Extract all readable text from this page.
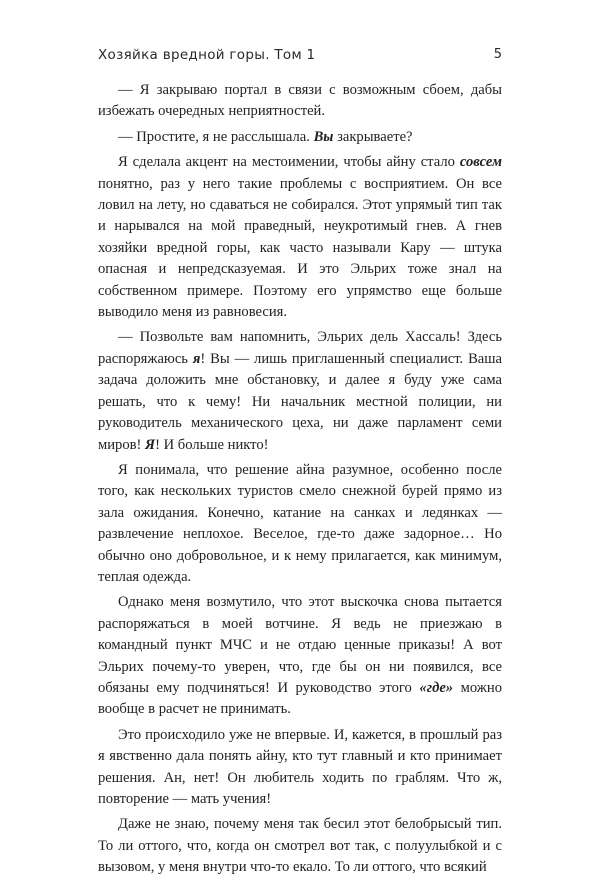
Хозяйка вредной горы. Том 1	5

— Я закрываю портал в связи с возможным сбоем, дабы избежать очередных неприятностей.

— Простите, я не расслышала. Вы закрываете?

Я сделала акцент на местоимении, чтобы айну стало совсем понятно, раз у него такие проблемы с восприятием. Он все ловил на лету, но сдаваться не собирался. Этот упрямый тип так и нарывался на мой праведный, неукротимый гнев. А гнев хозяйки вредной горы, как часто называли Кару — штука опасная и непредсказуемая. И это Эльрих тоже знал на собственном примере. Поэтому его упрямство еще больше выводило меня из равновесия.

— Позвольте вам напомнить, Эльрих дель Хассаль! Здесь распоряжаюсь я! Вы — лишь приглашенный специалист. Ваша задача доложить мне обстановку, и далее я буду уже сама решать, что к чему! Ни начальник местной полиции, ни руководитель механического цеха, ни даже парламент семи миров! Я! И больше никто!

Я понимала, что решение айна разумное, особенно после того, как нескольких туристов смело снежной бурей прямо из зала ожидания. Конечно, катание на санках и ледянках — развлечение неплохое. Веселое, где-то даже задорное… Но обычно оно добровольное, и к нему прилагается, как минимум, теплая одежда.

Однако меня возмутило, что этот выскочка снова пытается распоряжаться в моей вотчине. Я ведь не приезжаю в командный пункт МЧС и не отдаю ценные приказы! А вот Эльрих почему-то уверен, что, где бы он ни появился, все обязаны ему подчиняться! И руководство этого «где» можно вообще в расчет не принимать.

Это происходило уже не впервые. И, кажется, в прошлый раз я явственно дала понять айну, кто тут главный и кто принимает решения. Ан, нет! Он любитель ходить по граблям. Что ж, повторение — мать учения!

Даже не знаю, почему меня так бесил этот белобрысый тип. То ли оттого, что, когда он смотрел вот так, с полуулыбкой и с вызовом, у меня внутри что-то екало. То ли оттого, что всякий
